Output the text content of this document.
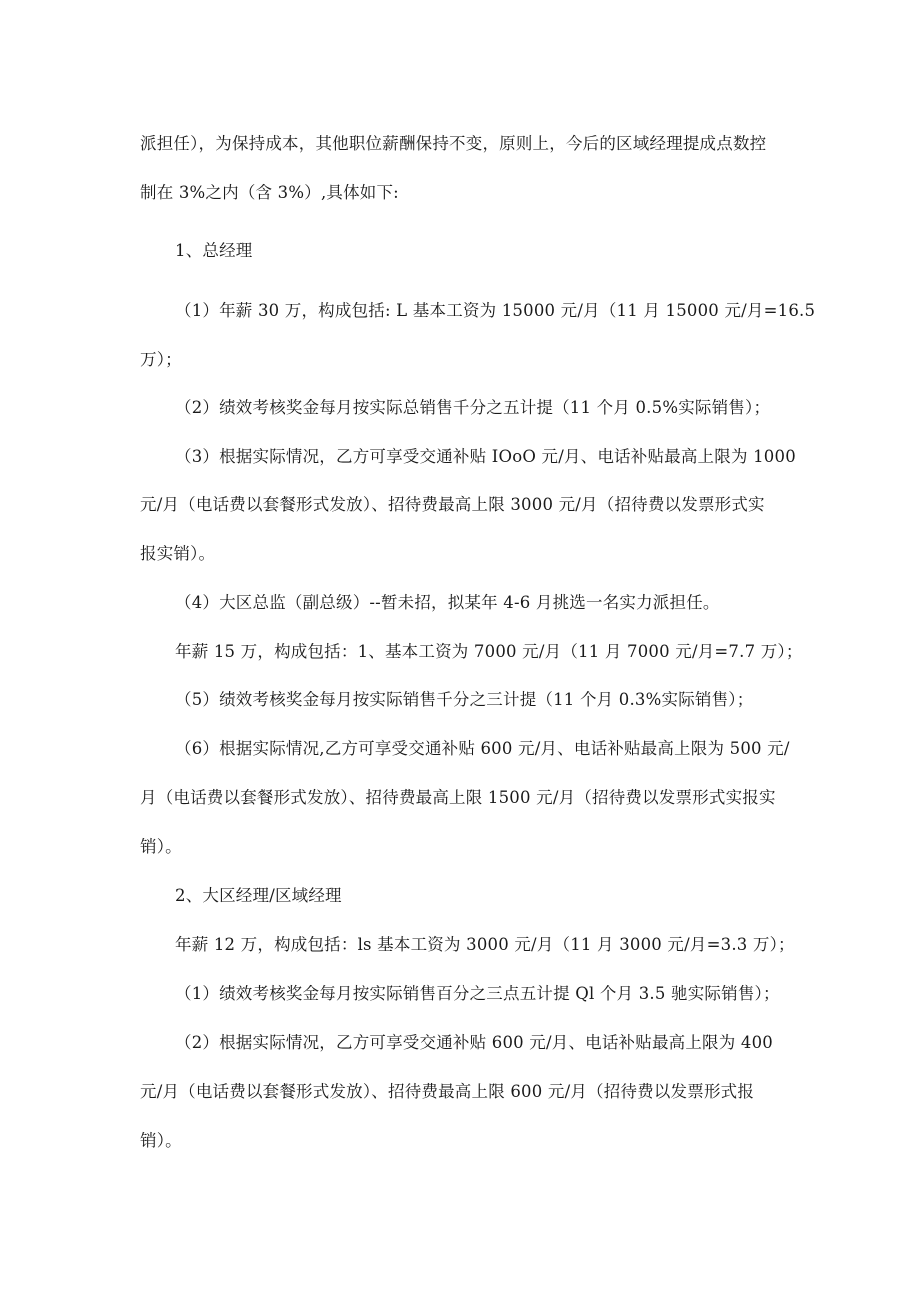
派担任），为保持成本，其他职位薪酬保持不变，原则上，今后的区域经理提成点数控
制在 3%之内（含 3%）,具体如下:
1、总经理
（1）年薪 30 万，构成包括: L 基本工资为 15000 元/月（11 月 15000 元/月=16.5
万）；
（2）绩效考核奖金每月按实际总销售千分之五计提（11 个月 0.5%实际销售）；
（3）根据实际情况，乙方可享受交通补贴 IOoO 元/月、电话补贴最高上限为 1000
元/月（电话费以套餐形式发放）、招待费最高上限 3000 元/月（招待费以发票形式实
报实销）。
（4）大区总监（副总级）--暂未招，拟某年 4-6 月挑选一名实力派担任。
年薪 15 万，构成包括：1、基本工资为 7000 元/月（11 月 7000 元/月=7.7 万）；
（5）绩效考核奖金每月按实际销售千分之三计提（11 个月 0.3%实际销售）；
（6）根据实际情况,乙方可享受交通补贴 600 元/月、电话补贴最高上限为 500 元/
月（电话费以套餐形式发放）、招待费最高上限 1500 元/月（招待费以发票形式实报实
销）。
2、大区经理/区域经理
年薪 12 万，构成包括：ls 基本工资为 3000 元/月（11 月 3000 元/月=3.3 万）；
（1）绩效考核奖金每月按实际销售百分之三点五计提 Ql 个月 3.5 驰实际销售）；
（2）根据实际情况，乙方可享受交通补贴 600 元/月、电话补贴最高上限为 400
元/月（电话费以套餐形式发放）、招待费最高上限 600 元/月（招待费以发票形式报
销）。
